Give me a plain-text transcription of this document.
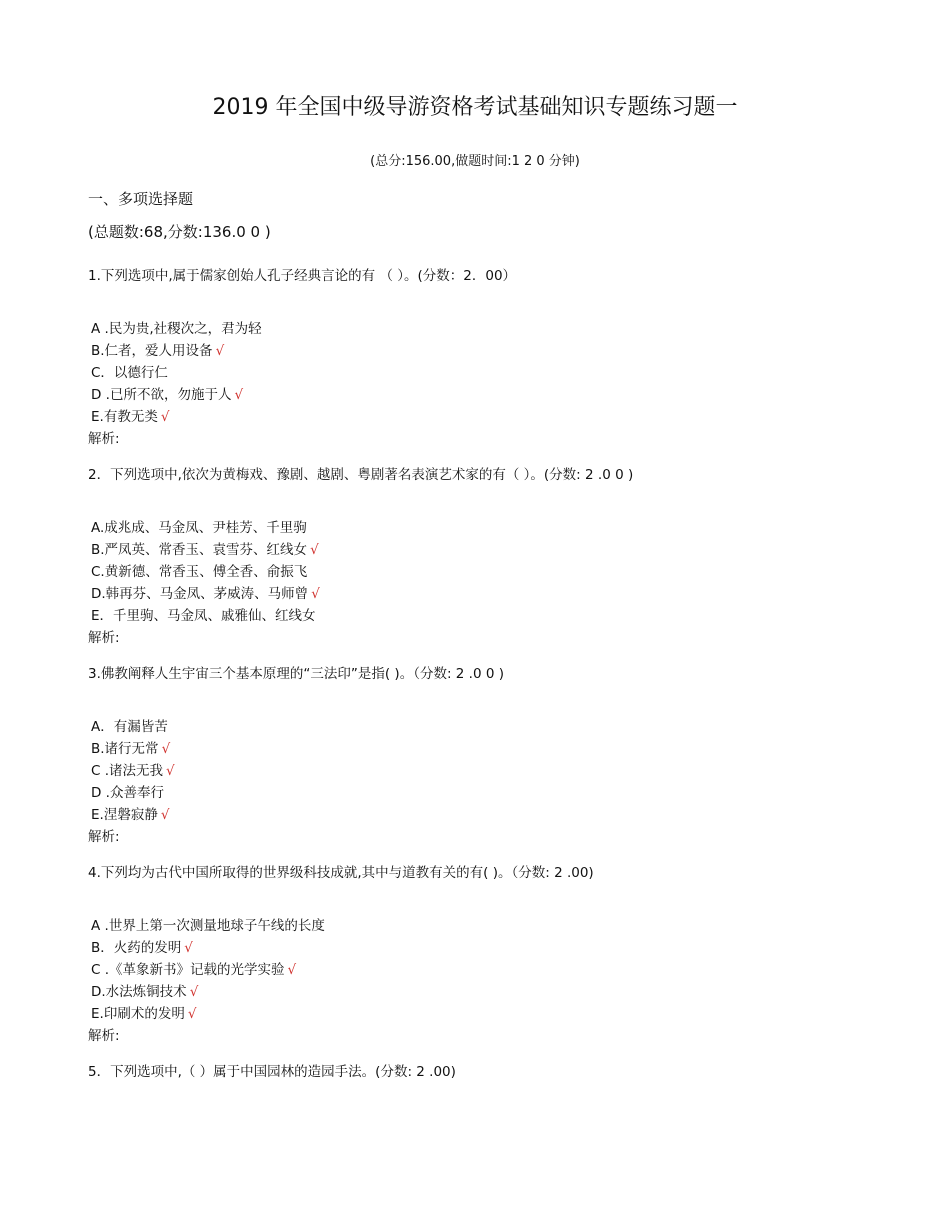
2019 年全国中级导游资格考试基础知识专题练习题一
(总分:156.00,做题时间:1 2 0 分钟)
一、多项选择题
(总题数:68,分数:136.0 0 )
1.下列选项中,属于儒家创始人孔子经典言论的有 （ ）。(分数：2．00）
A .民为贵,社稷次之，君为轻
B.仁者，爱人用设备 √
C．以德行仁
D .已所不欲，勿施于人 √
E.有教无类 √
解析:
2．下列选项中,依次为黄梅戏、豫剧、越剧、粤剧著名表演艺术家的有（ ）。(分数: 2 .0 0 )
A.成兆成、马金凤、尹桂芳、千里驹
B.严凤英、常香玉、袁雪芬、红线女 √
C.黄新德、常香玉、傅全香、俞振飞
D.韩再芬、马金凤、茅威涛、马师曾 √
E．千里驹、马金凤、戚雅仙、红线女
解析:
3.佛教阐释人生宇宙三个基本原理的“三法印”是指( )。（分数: 2 .0 0 )
A．有漏皆苦
B.诸行无常 √
C .诸法无我 √
D .众善奉行
E.涅磐寂静 √
解析:
4.下列均为古代中国所取得的世界级科技成就,其中与道教有关的有( )。（分数: 2 .00)
A .世界上第一次测量地球子午线的长度
B．火药的发明 √
C .《革象新书》记载的光学实验 √
D.水法炼铜技术 √
E.印刷术的发明 √
解析:
5．下列选项中,（ ）属于中国园林的造园手法。(分数: 2 .00)
